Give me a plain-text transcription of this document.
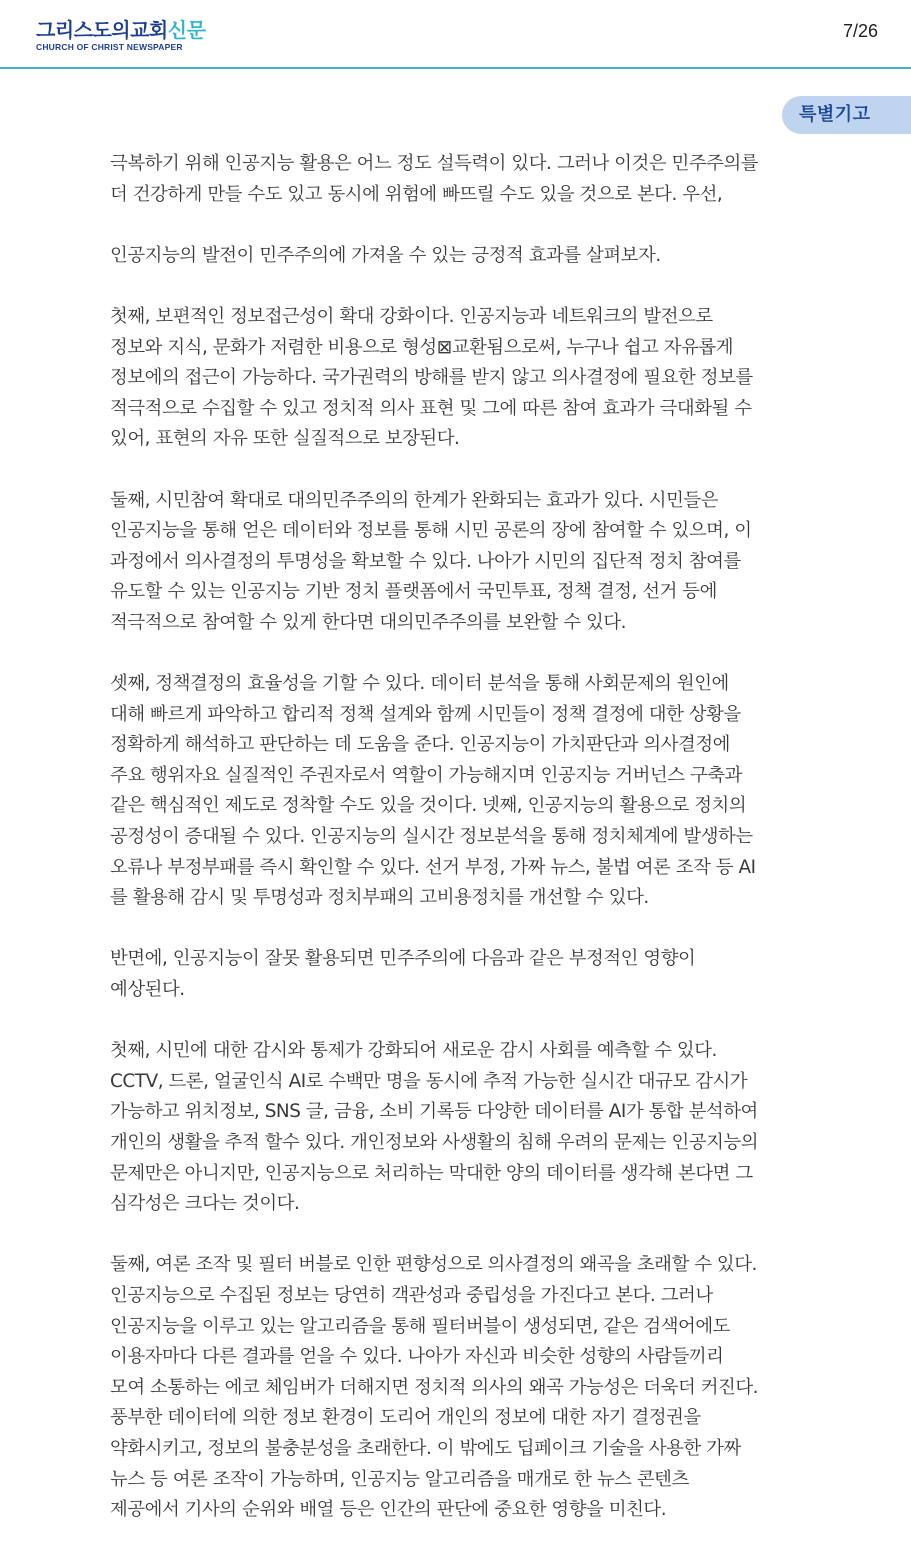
그리스도의교회신문
CHURCH OF CHRIST NEWSPAPER
7/26
특별기고

극복하기 위해 인공지능 활용은 어느 정도 설득력이 있다. 그러나 이것은 민주주의를
더 건강하게 만들 수도 있고 동시에 위험에 빠뜨릴 수도 있을 것으로 본다. 우선,

인공지능의 발전이 민주주의에 가져올 수 있는 긍정적 효과를 살펴보자.

첫째, 보편적인 정보접근성이 확대 강화이다. 인공지능과 네트워크의 발전으로
정보와 지식, 문화가 저렴한 비용으로 형성⊠교환됨으로써, 누구나 쉽고 자유롭게
정보에의 접근이 가능하다. 국가권력의 방해를 받지 않고 의사결정에 필요한 정보를
적극적으로 수집할 수 있고 정치적 의사 표현 및 그에 따른 참여 효과가 극대화될 수
있어, 표현의 자유 또한 실질적으로 보장된다.

둘째, 시민참여 확대로 대의민주주의의 한계가 완화되는 효과가 있다. 시민들은
인공지능을 통해 얻은 데이터와 정보를 통해 시민 공론의 장에 참여할 수 있으며, 이
과정에서 의사결정의 투명성을 확보할 수 있다. 나아가 시민의 집단적 정치 참여를
유도할 수 있는 인공지능 기반 정치 플랫폼에서 국민투표, 정책 결정, 선거 등에
적극적으로 참여할 수 있게 한다면 대의민주주의를 보완할 수 있다.

셋째, 정책결정의 효율성을 기할 수 있다. 데이터 분석을 통해 사회문제의 원인에
대해 빠르게 파악하고 합리적 정책 설계와 함께 시민들이 정책 결정에 대한 상황을
정확하게 해석하고 판단하는 데 도움을 준다. 인공지능이 가치판단과 의사결정에
주요 행위자요 실질적인 주권자로서 역할이 가능해지며 인공지능 거버넌스 구축과
같은 핵심적인 제도로 정착할 수도 있을 것이다. 넷째, 인공지능의 활용으로 정치의
공정성이 증대될 수 있다. 인공지능의 실시간 정보분석을 통해 정치체계에 발생하는
오류나 부정부패를 즉시 확인할 수 있다. 선거 부정, 가짜 뉴스, 불법 여론 조작 등 AI
를 활용해 감시 및 투명성과 정치부패의 고비용정치를 개선할 수 있다.

반면에, 인공지능이 잘못 활용되면 민주주의에 다음과 같은 부정적인 영향이
예상된다.

첫째, 시민에 대한 감시와 통제가 강화되어 새로운 감시 사회를 예측할 수 있다.
CCTV, 드론, 얼굴인식 AI로 수백만 명을 동시에 추적 가능한 실시간 대규모 감시가
가능하고 위치정보, SNS 글, 금융, 소비 기록등 다양한 데이터를 AI가 통합 분석하여
개인의 생활을 추적 할수 있다. 개인정보와 사생활의 침해 우려의 문제는 인공지능의
문제만은 아니지만, 인공지능으로 처리하는 막대한 양의 데이터를 생각해 본다면 그
심각성은 크다는 것이다.

둘째, 여론 조작 및 필터 버블로 인한 편향성으로 의사결정의 왜곡을 초래할 수 있다.
인공지능으로 수집된 정보는 당연히 객관성과 중립성을 가진다고 본다. 그러나
인공지능을 이루고 있는 알고리즘을 통해 필터버블이 생성되면, 같은 검색어에도
이용자마다 다른 결과를 얻을 수 있다. 나아가 자신과 비슷한 성향의 사람들끼리
모여 소통하는 에코 체임버가 더해지면 정치적 의사의 왜곡 가능성은 더욱더 커진다.
풍부한 데이터에 의한 정보 환경이 도리어 개인의 정보에 대한 자기 결정권을
약화시키고, 정보의 불충분성을 초래한다. 이 밖에도 딥페이크 기술을 사용한 가짜
뉴스 등 여론 조작이 가능하며, 인공지능 알고리즘을 매개로 한 뉴스 콘텐츠
제공에서 기사의 순위와 배열 등은 인간의 판단에 중요한 영향을 미친다.
